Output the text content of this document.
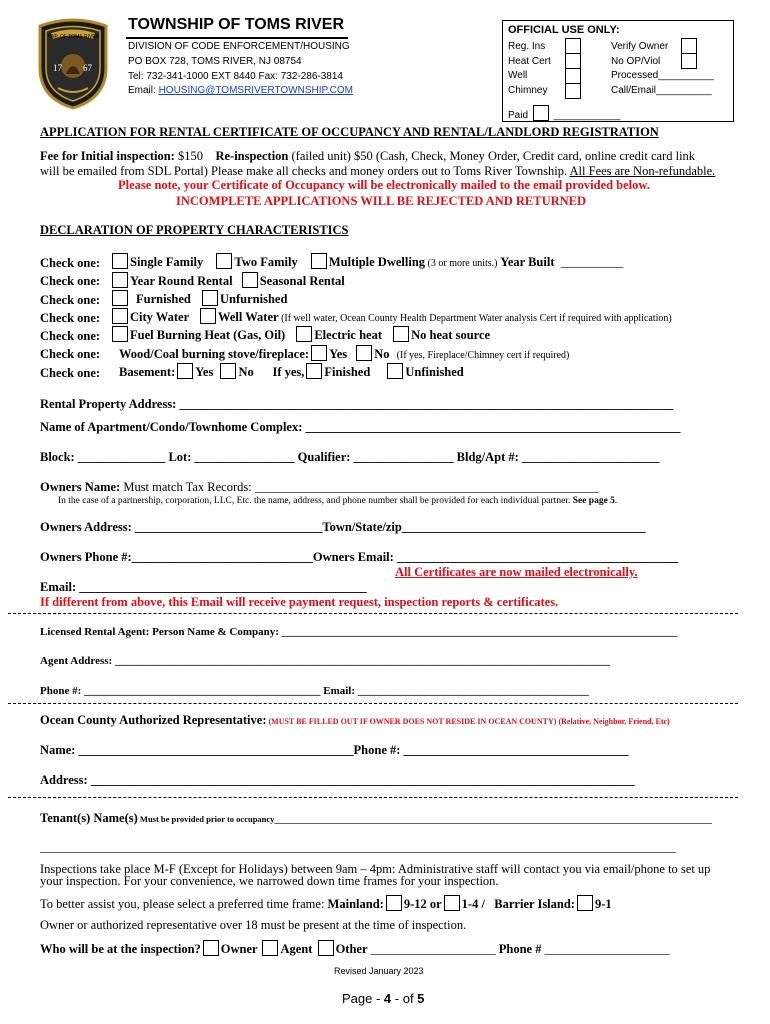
TWP. OF TOMS RIVER
17 67
TOWNSHIP OF TOMS RIVER
DIVISION OF CODE ENFORCEMENT/HOUSING
PO BOX 728, TOMS RIVER, NJ 08754
Tel: 732-341-1000 EXT 8440 Fax: 732-286-3814
Email: HOUSING@TOMSRIVERTOWNSHIP.COM
OFFICIAL USE ONLY:
Reg. Ins
Heat Cert
Well
Chimney
Verify Owner
No OP/Viol
Processed__________
Call/Email__________
Paid	____________
APPLICATION FOR RENTAL CERTIFICATE OF OCCUPANCY AND RENTAL/LANDLORD REGISTRATION
Fee for Initial inspection: $150 Re-inspection (failed unit) $50 (Cash, Check, Money Order, Credit card, online credit card link
will be emailed from SDL Portal) Please make all checks and money orders out to Toms River Township. All Fees are Non-refundable.
Please note, your Certificate of Occupancy will be electronically mailed to the email provided below.
INCOMPLETE APPLICATIONS WILL BE REJECTED AND RETURNED
DECLARATION OF PROPERTY CHARACTERISTICS
Check one:
Check one:
Check one:
Check one:
Check one:
Check one:
Check one:
Single Family Two Family Multiple Dwelling (3 or more units.) Year Built __________
Year Round Rental Seasonal Rental
Furnished Unfurnished
City Water Well Water (If well water, Ocean County Health Department Water analysis Cert if required with application)
Fuel Burning Heat (Gas, Oil) Electric heat No heat source
Wood/Coal burning stove/fireplace: Yes No (If yes, Fireplace/Chimney cert if required)
Basement: Yes No If yes, Finished	Unfinished
Rental Property Address: _______________________________________________________________________________
Name of Apartment/Condo/Townhome Complex: ____________________________________________________________
Block: ______________ Lot: ________________ Qualifier: ________________ Bldg/Apt #: ______________________
Owners Name: Must match Tax Records: _______________________________________________________
In the case of a partnership, corporation, LLC, Etc. the name, address, and phone number shall be provided for each individual partner. See page 5.
Owners Address: ______________________________Town/State/zip_______________________________________
Owners Phone #:_____________________________Owners Email: _____________________________________________
All Certificates are now mailed electronically.
Email: ______________________________________________
If different from above, this Email will receive payment request, inspection reports & certificates.
Licensed Rental Agent: Person Name & Company: ________________________________________________________________________
Agent Address: __________________________________________________________________________________________
Phone #: ___________________________________________ Email: __________________________________________
Ocean County Authorized Representative: (MUST BE FILLED OUT IF OWNER DOES NOT RESIDE IN OCEAN COUNTY) (Relative, Neighbor, Friend, Etc)
Name: ____________________________________________Phone #: ____________________________________
Address: _______________________________________________________________________________________
Tenant(s) Name(s) Must be provided prior to occupancy______________________________________________________________________
_________________________________________________________________________________________________________
Inspections take place M-F (Except for Holidays) between 9am – 4pm: Administrative staff will contact you via email/phone to set up
your inspection. For your convenience, we narrowed down time frames for your inspection.
To better assist you, please select a preferred time frame: Mainland: 9-12 or 1-4 / Barrier Island: 9-1
Owner or authorized representative over 18 must be present at the time of inspection.
Who will be at the inspection? Owner Agent Other ____________________ Phone # ____________________
Revised January 2023
Page - 4 - of 5
